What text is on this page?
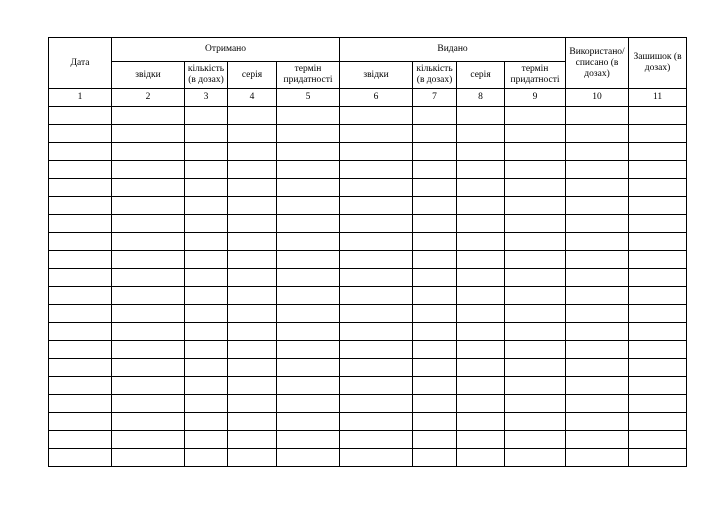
Дата	Отримано				Видано				Використано/ списано (в дозах)	Зашишок (в дозах)
	звідки	кількість (в дозах)	серія	термін придатності	звідки	кількість (в дозах)	серія	термін придатності		
1	2	3	4	5	6	7	8	9	10	11
